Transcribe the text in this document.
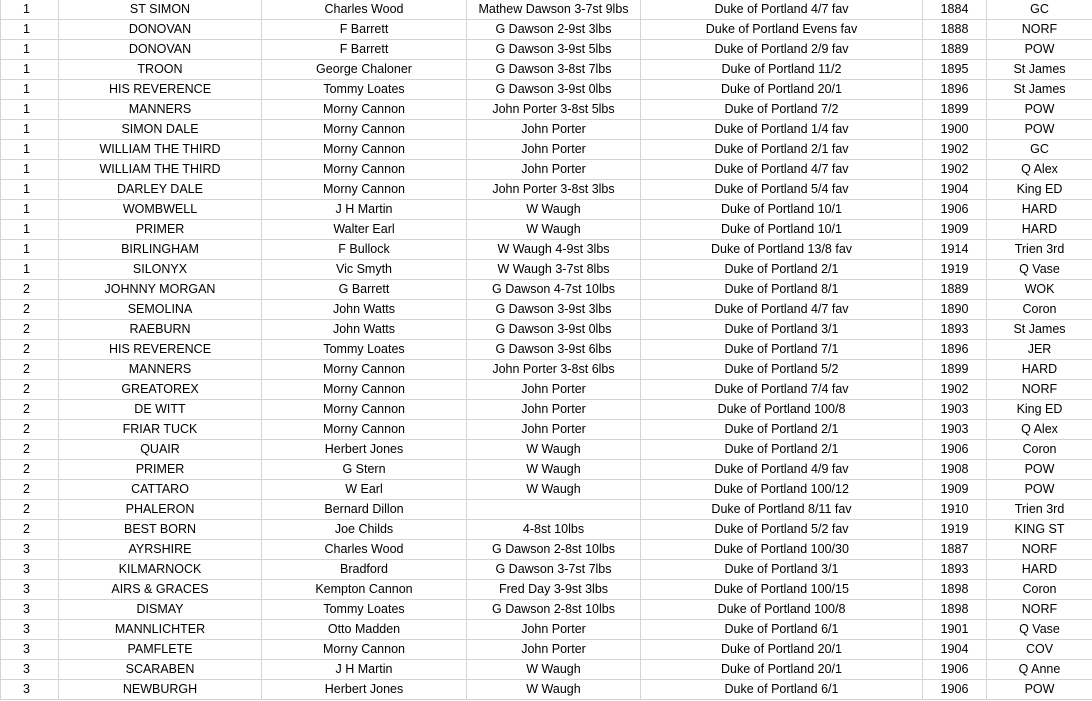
1	ST SIMON	Charles Wood	Mathew Dawson 3-7st 9lbs	Duke of Portland 4/7 fav	1884	GC
1	DONOVAN	F Barrett	G Dawson 2-9st 3lbs	Duke of Portland Evens fav	1888	NORF
1	DONOVAN	F Barrett	G Dawson 3-9st 5lbs	Duke of Portland 2/9 fav	1889	POW
1	TROON	George Chaloner	G Dawson 3-8st 7lbs	Duke of Portland 11/2	1895	St James
1	HIS REVERENCE	Tommy Loates	G Dawson 3-9st 0lbs	Duke of Portland 20/1	1896	St James
1	MANNERS	Morny Cannon	John Porter 3-8st 5lbs	Duke of Portland 7/2	1899	POW
1	SIMON DALE	Morny Cannon	John Porter	Duke of Portland 1/4 fav	1900	POW
1	WILLIAM THE THIRD	Morny Cannon	John Porter	Duke of Portland 2/1 fav	1902	GC
1	WILLIAM THE THIRD	Morny Cannon	John Porter	Duke of Portland 4/7 fav	1902	Q Alex
1	DARLEY DALE	Morny Cannon	John Porter 3-8st 3lbs	Duke of Portland 5/4 fav	1904	King ED
1	WOMBWELL	J H Martin	W Waugh	Duke of Portland 10/1	1906	HARD
1	PRIMER	Walter Earl	W Waugh	Duke of Portland 10/1	1909	HARD
1	BIRLINGHAM	F Bullock	W Waugh 4-9st 3lbs	Duke of Portland 13/8 fav	1914	Trien 3rd
1	SILONYX	Vic Smyth	W Waugh 3-7st 8lbs	Duke of Portland 2/1	1919	Q Vase
2	JOHNNY MORGAN	G Barrett	G Dawson 4-7st 10lbs	Duke of Portland 8/1	1889	WOK
2	SEMOLINA	John Watts	G Dawson 3-9st 3lbs	Duke of Portland 4/7 fav	1890	Coron
2	RAEBURN	John Watts	G Dawson 3-9st 0lbs	Duke of Portland 3/1	1893	St James
2	HIS REVERENCE	Tommy Loates	G Dawson 3-9st 6lbs	Duke of Portland 7/1	1896	JER
2	MANNERS	Morny Cannon	John Porter 3-8st 6lbs	Duke of Portland 5/2	1899	HARD
2	GREATOREX	Morny Cannon	John Porter	Duke of Portland 7/4 fav	1902	NORF
2	DE WITT	Morny Cannon	John Porter	Duke of Portland 100/8	1903	King ED
2	FRIAR TUCK	Morny Cannon	John Porter	Duke of Portland 2/1	1903	Q Alex
2	QUAIR	Herbert Jones	W Waugh	Duke of Portland 2/1	1906	Coron
2	PRIMER	G Stern	W Waugh	Duke of Portland 4/9 fav	1908	POW
2	CATTARO	W Earl	W Waugh	Duke of Portland 100/12	1909	POW
2	PHALERON	Bernard Dillon		Duke of Portland 8/11 fav	1910	Trien 3rd
2	BEST BORN	Joe Childs	4-8st 10lbs	Duke of Portland 5/2 fav	1919	KING ST
3	AYRSHIRE	Charles Wood	G Dawson 2-8st 10lbs	Duke of Portland 100/30	1887	NORF
3	KILMARNOCK	Bradford	G Dawson 3-7st 7lbs	Duke of Portland 3/1	1893	HARD
3	AIRS & GRACES	Kempton Cannon	Fred Day 3-9st 3lbs	Duke of Portland 100/15	1898	Coron
3	DISMAY	Tommy Loates	G Dawson 2-8st 10lbs	Duke of Portland 100/8	1898	NORF
3	MANNLICHTER	Otto Madden	John Porter	Duke of Portland 6/1	1901	Q Vase
3	PAMFLETE	Morny Cannon	John Porter	Duke of Portland 20/1	1904	COV
3	SCARABEN	J H Martin	W Waugh	Duke of Portland 20/1	1906	Q Anne
3	NEWBURGH	Herbert Jones	W Waugh	Duke of Portland 6/1	1906	POW
